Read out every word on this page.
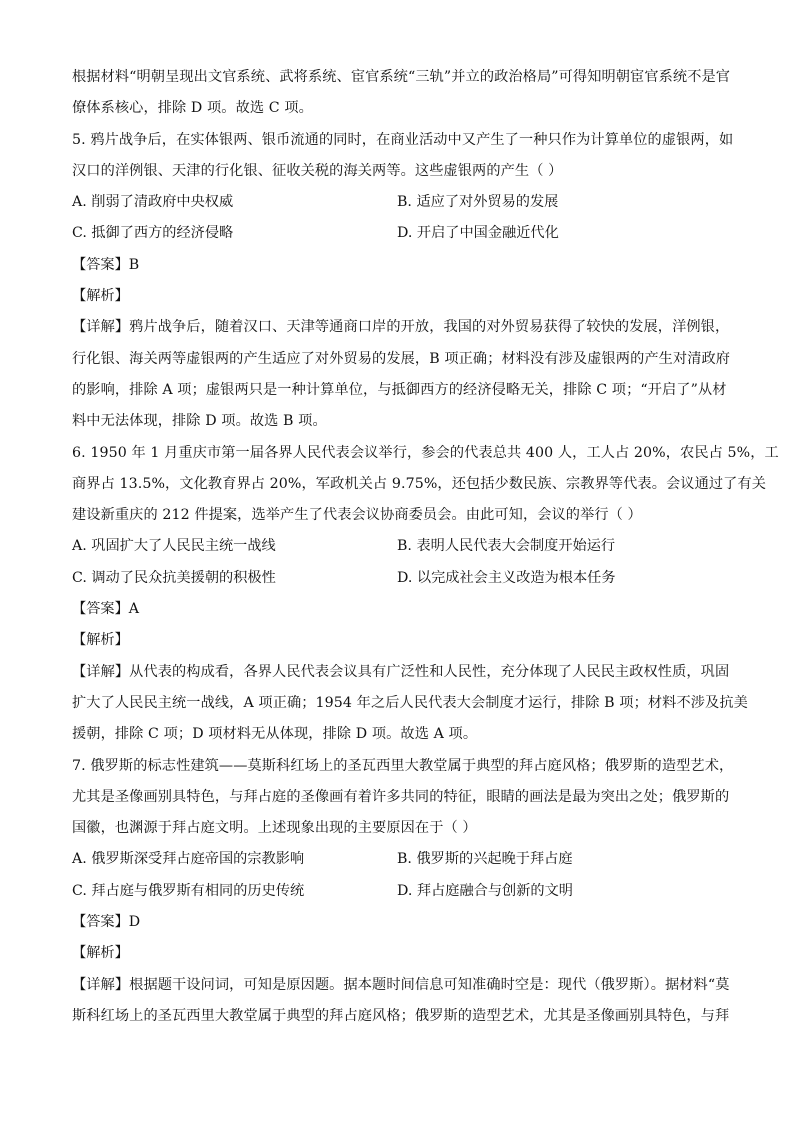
根据材料“明朝呈现出文官系统、武将系统、宦官系统“三轨”并立的政治格局”可得知明朝宦官系统不是官
僚体系核心，排除 D 项。故选 C 项。
5. 鸦片战争后，在实体银两、银币流通的同时，在商业活动中又产生了一种只作为计算单位的虚银两，如
汉口的洋例银、天津的行化银、征收关税的海关两等。这些虚银两的产生（ ）
A. 削弱了清政府中央权威	B. 适应了对外贸易的发展
C. 抵御了西方的经济侵略	D. 开启了中国金融近代化
【答案】B
【解析】
【详解】鸦片战争后，随着汉口、天津等通商口岸的开放，我国的对外贸易获得了较快的发展，洋例银，
行化银、海关两等虚银两的产生适应了对外贸易的发展，B 项正确；材料没有涉及虚银两的产生对清政府
的影响，排除 A 项；虚银两只是一种计算单位，与抵御西方的经济侵略无关，排除 C 项；“开启了”从材
料中无法体现，排除 D 项。故选 B 项。
6. 1950 年 1 月重庆市第一届各界人民代表会议举行，参会的代表总共 400 人，工人占 20%，农民占 5%，工
商界占 13.5%，文化教育界占 20%，军政机关占 9.75%，还包括少数民族、宗教界等代表。会议通过了有关
建设新重庆的 212 件提案，选举产生了代表会议协商委员会。由此可知，会议的举行（ ）
A. 巩固扩大了人民民主统一战线	B. 表明人民代表大会制度开始运行
C. 调动了民众抗美援朝的积极性	D. 以完成社会主义改造为根本任务
【答案】A
【解析】
【详解】从代表的构成看，各界人民代表会议具有广泛性和人民性，充分体现了人民民主政权性质，巩固
扩大了人民民主统一战线，A 项正确；1954 年之后人民代表大会制度才运行，排除 B 项；材料不涉及抗美
援朝，排除 C 项；D 项材料无从体现，排除 D 项。故选 A 项。
7. 俄罗斯的标志性建筑——莫斯科红场上的圣瓦西里大教堂属于典型的拜占庭风格；俄罗斯的造型艺术，
尤其是圣像画别具特色，与拜占庭的圣像画有着许多共同的特征，眼睛的画法是最为突出之处；俄罗斯的
国徽，也渊源于拜占庭文明。上述现象出现的主要原因在于（ ）
A. 俄罗斯深受拜占庭帝国的宗教影响	B. 俄罗斯的兴起晚于拜占庭
C. 拜占庭与俄罗斯有相同的历史传统	D. 拜占庭融合与创新的文明
【答案】D
【解析】
【详解】根据题干设问词，可知是原因题。据本题时间信息可知准确时空是：现代（俄罗斯）。据材料“莫
斯科红场上的圣瓦西里大教堂属于典型的拜占庭风格；俄罗斯的造型艺术，尤其是圣像画别具特色，与拜
